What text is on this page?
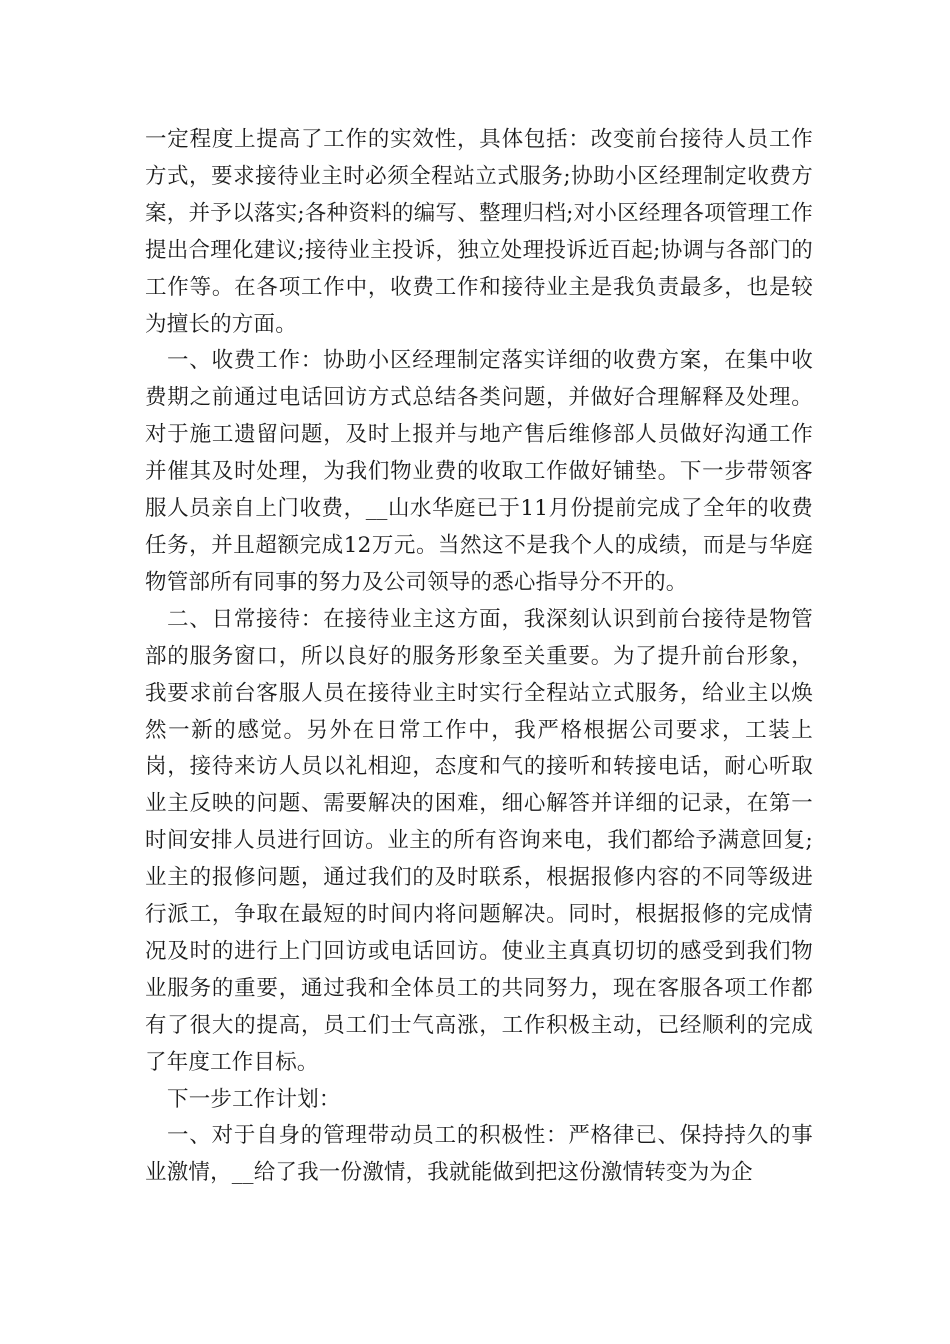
一定程度上提高了工作的实效性，具体包括：改变前台接待人员工作方式，要求接待业主时必须全程站立式服务;协助小区经理制定收费方案，并予以落实;各种资料的编写、整理归档;对小区经理各项管理工作提出合理化建议;接待业主投诉，独立处理投诉近百起;协调与各部门的工作等。在各项工作中，收费工作和接待业主是我负责最多，也是较为擅长的方面。

一、收费工作：协助小区经理制定落实详细的收费方案，在集中收费期之前通过电话回访方式总结各类问题，并做好合理解释及处理。对于施工遗留问题，及时上报并与地产售后维修部人员做好沟通工作并催其及时处理，为我们物业费的收取工作做好铺垫。下一步带领客服人员亲自上门收费，__山水华庭已于11月份提前完成了全年的收费任务，并且超额完成12万元。当然这不是我个人的成绩，而是与华庭物管部所有同事的努力及公司领导的悉心指导分不开的。

二、日常接待：在接待业主这方面，我深刻认识到前台接待是物管部的服务窗口，所以良好的服务形象至关重要。为了提升前台形象，我要求前台客服人员在接待业主时实行全程站立式服务，给业主以焕然一新的感觉。另外在日常工作中，我严格根据公司要求，工装上岗，接待来访人员以礼相迎，态度和气的接听和转接电话，耐心听取业主反映的问题、需要解决的困难，细心解答并详细的记录，在第一时间安排人员进行回访。业主的所有咨询来电，我们都给予满意回复;业主的报修问题，通过我们的及时联系，根据报修内容的不同等级进行派工，争取在最短的时间内将问题解决。同时，根据报修的完成情况及时的进行上门回访或电话回访。使业主真真切切的感受到我们物业服务的重要，通过我和全体员工的共同努力，现在客服各项工作都有了很大的提高，员工们士气高涨，工作积极主动，已经顺利的完成了年度工作目标。

下一步工作计划：

一、对于自身的管理带动员工的积极性：严格律已、保持持久的事业激情，__给了我一份激情，我就能做到把这份激情转变为为企
